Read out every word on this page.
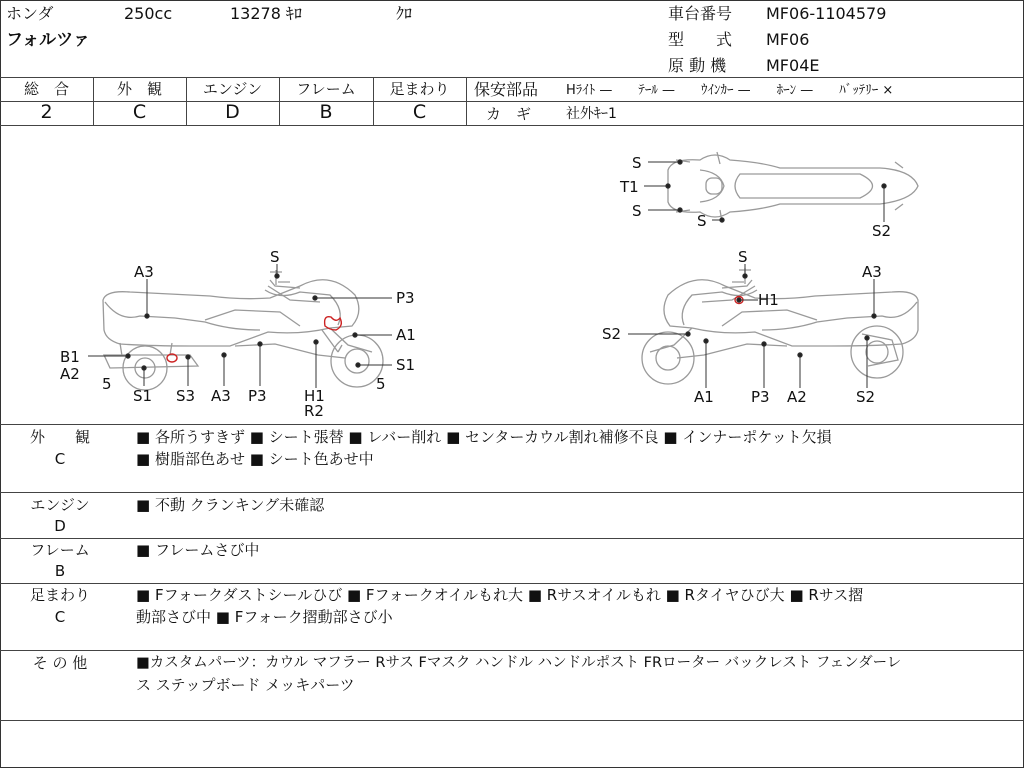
ホンダ	250cc	13278 ｷﾛ	ｸﾛ
フォルツァ
車台番号 MF06-1104579
型　　式 MF06
原 動 機 MF04E
総　合
2
外　観
C
エンジン
D
フレーム
B
足まわり
C
保安部品 Hﾗｲﾄ —　　ﾃｰﾙ —　　ｳｲﾝｶｰ —　　ﾎｰﾝ —　　ﾊﾞｯﾃﾘｰ ×
カ　ギ 社外ｷｰ1
S
A3
P3
A1
S1
B1
A2
5	5
S1 S3 A3 P3 H1
R2
S
A3
H1
S2
A1 P3 A2	S2
S
T1
S
S
S2
外　　観
C
■ 各所うすきず ■ シート張替 ■ レバー削れ ■ センターカウル割れ補修不良 ■ インナーポケット欠損
■ 樹脂部色あせ ■ シート色あせ中
エンジン
D
■ 不動 クランキング未確認
フレーム
B
■ フレームさび中
足まわり
C
■ Fフォークダストシールひび ■ Fフォークオイルもれ大 ■ Rサスオイルもれ ■ Rタイヤひび大 ■ Rサス摺
動部さび中 ■ Fフォーク摺動部さび小
そ の 他	■カスタムパーツ：カウル マフラー Rサス Fマスク ハンドル ハンドルポスト FRローター バックレスト フェンダーレ
ス ステップボード メッキパーツ
